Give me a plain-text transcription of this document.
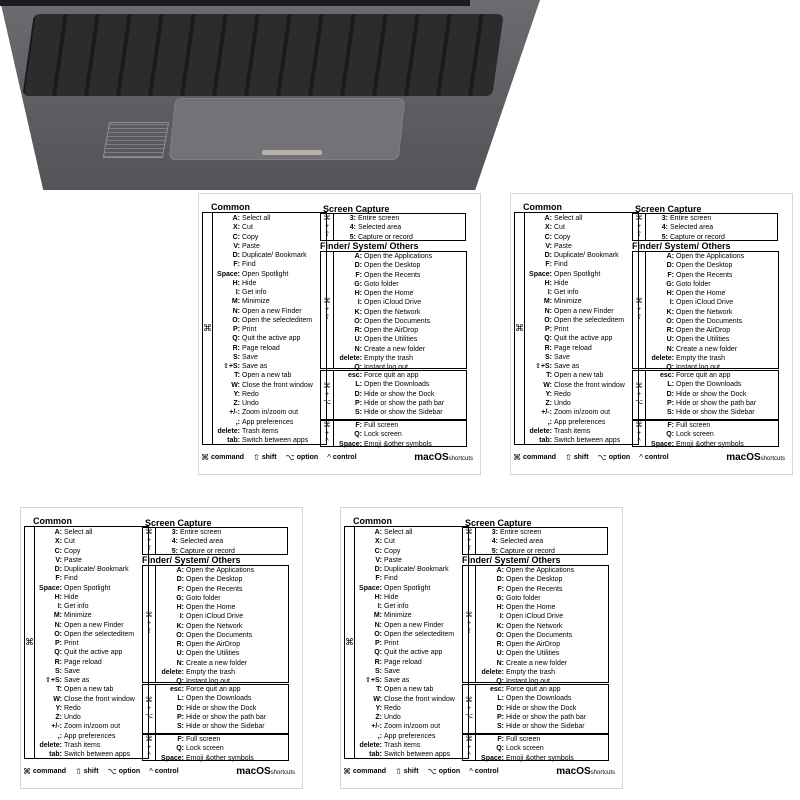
Common
⌘
A: Select all
X: Cut
C: Copy
V: Paste
D: Duplicate/ Bookmark
F: Find
Space: Open Spotlight
H: Hide
I: Get info
M: Minimize
N: Open a new Finder
O: Open the selecteditem
P: Print
Q: Quit the active app
R: Page reload
S: Save
⇧+S: Save as
T: Open a new tab
W: Close the front window
Y: Redo
Z: Undo
+/-: Zoom in/zoom out
,: App preferences
delete: Trash items
tab: Switch between apps
Screen Capture
⌘
+
⇧
3: Entire screen
4: Selected area
5: Capture or record
Finder/ System/ Others
⌘
+
⇧
A: Open the Applications
D: Open the Desktop
F: Open the Recents
G: Goto folder
H: Open the Home
I: Open iCloud Drive
K: Open the Network
O: Open the Documents
R: Open the AirDrop
U: Open the Utilities
N: Create a new folder
delete: Empty the trash
Q: Instant log out
⌘
+
⌥
esc: Force quit an app
L: Open the Downloads
D: Hide or show the Dock
P: Hide or show the path bar
S: Hide or show the Sidebar
⌘
+
^
F: Full screen
Q: Lock screen
Space: Emoji &other symbols
⌘ command ⇧ shift ⌥ option ^ control	macOSshortcuts
Common
⌘
A: Select all
X: Cut
C: Copy
V: Paste
D: Duplicate/ Bookmark
F: Find
Space: Open Spotlight
H: Hide
I: Get info
M: Minimize
N: Open a new Finder
O: Open the selecteditem
P: Print
Q: Quit the active app
R: Page reload
S: Save
⇧+S: Save as
T: Open a new tab
W: Close the front window
Y: Redo
Z: Undo
+/-: Zoom in/zoom out
,: App preferences
delete: Trash items
tab: Switch between apps
Screen Capture
⌘
+
⇧
3: Entire screen
4: Selected area
5: Capture or record
Finder/ System/ Others
⌘
+
⇧
A: Open the Applications
D: Open the Desktop
F: Open the Recents
G: Goto folder
H: Open the Home
I: Open iCloud Drive
K: Open the Network
O: Open the Documents
R: Open the AirDrop
U: Open the Utilities
N: Create a new folder
delete: Empty the trash
Q: Instant log out
⌘
+
⌥
esc: Force quit an app
L: Open the Downloads
D: Hide or show the Dock
P: Hide or show the path bar
S: Hide or show the Sidebar
⌘
+
^
F: Full screen
Q: Lock screen
Space: Emoji &other symbols
⌘ command ⇧ shift ⌥ option ^ control	macOSshortcuts
Common
⌘
A: Select all
X: Cut
C: Copy
V: Paste
D: Duplicate/ Bookmark
F: Find
Space: Open Spotlight
H: Hide
I: Get info
M: Minimize
N: Open a new Finder
O: Open the selecteditem
P: Print
Q: Quit the active app
R: Page reload
S: Save
⇧+S: Save as
T: Open a new tab
W: Close the front window
Y: Redo
Z: Undo
+/-: Zoom in/zoom out
,: App preferences
delete: Trash items
tab: Switch between apps
Screen Capture
⌘
+
⇧
3: Entire screen
4: Selected area
5: Capture or record
Finder/ System/ Others
⌘
+
⇧
A: Open the Applications
D: Open the Desktop
F: Open the Recents
G: Goto folder
H: Open the Home
I: Open iCloud Drive
K: Open the Network
O: Open the Documents
R: Open the AirDrop
U: Open the Utilities
N: Create a new folder
delete: Empty the trash
Q: Instant log out
⌘
+
⌥
esc: Force quit an app
L: Open the Downloads
D: Hide or show the Dock
P: Hide or show the path bar
S: Hide or show the Sidebar
⌘
+
^
F: Full screen
Q: Lock screen
Space: Emoji &other symbols
⌘ command ⇧ shift ⌥ option ^ control	macOSshortcuts
Common
⌘
A: Select all
X: Cut
C: Copy
V: Paste
D: Duplicate/ Bookmark
F: Find
Space: Open Spotlight
H: Hide
I: Get info
M: Minimize
N: Open a new Finder
O: Open the selecteditem
P: Print
Q: Quit the active app
R: Page reload
S: Save
⇧+S: Save as
T: Open a new tab
W: Close the front window
Y: Redo
Z: Undo
+/-: Zoom in/zoom out
,: App preferences
delete: Trash items
tab: Switch between apps
Screen Capture
⌘
+
⇧
3: Entire screen
4: Selected area
5: Capture or record
Finder/ System/ Others
⌘
+
⇧
A: Open the Applications
D: Open the Desktop
F: Open the Recents
G: Goto folder
H: Open the Home
I: Open iCloud Drive
K: Open the Network
O: Open the Documents
R: Open the AirDrop
U: Open the Utilities
N: Create a new folder
delete: Empty the trash
Q: Instant log out
⌘
+
⌥
esc: Force quit an app
L: Open the Downloads
D: Hide or show the Dock
P: Hide or show the path bar
S: Hide or show the Sidebar
⌘
+
^
F: Full screen
Q: Lock screen
Space: Emoji &other symbols
⌘ command ⇧ shift ⌥ option ^ control	macOSshortcuts
